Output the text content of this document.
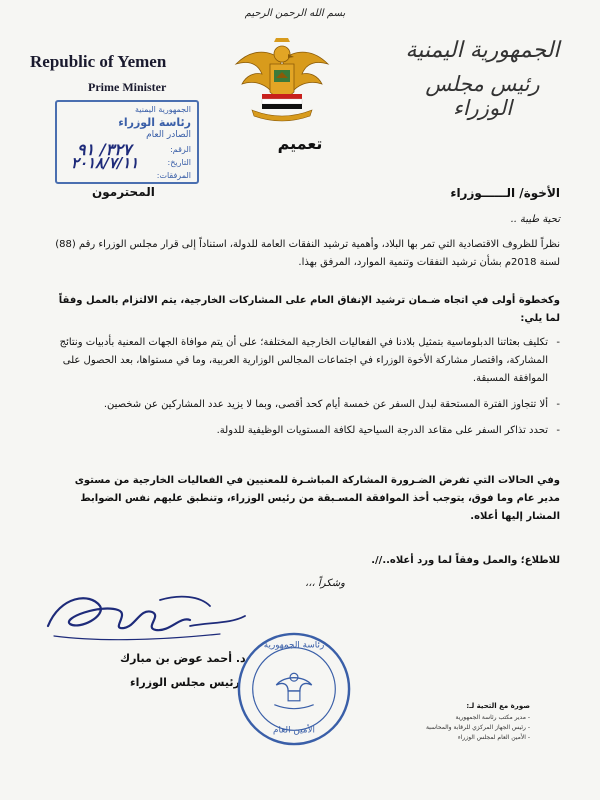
بسم الله الرحمن الرحيم
Republic of Yemen
Prime Minister
الجمهورية اليمنية
رئيس مجلس الوزراء
الجمهورية اليمنية
رئاسة الوزراء
الصادر العام
الرقم:
التاريخ:
المرفقات:
٣٢٧/ ٩١
٢٠١٨/٧/١١
المحترمون
تعميم
الأخوة/ الــــــوزراء
تحية طيبة ..
نظراً للظروف الاقتصادية التي تمر بها البلاد، وأهمية ترشيد النفقات العامة للدولة، استناداً إلى قرار مجلس الوزراء رقم (88) لسنة 2018م بشأن ترشيد النفقات وتنمية الموارد، المرفق بهذا.
وكخطوة أولى في اتجاه ضـمان ترشيد الإنفاق العام على المشاركات الخارجية، يتم الالتزام بالعمل وفقاً لما يلي:
- تكليف بعثاتنا الدبلوماسية بتمثيل بلادنا في الفعاليات الخارجية المختلفة؛ على أن يتم موافاة الجهات المعنية بأدبيات ونتائج المشاركة، واقتصار مشاركة الأخوة الوزراء في اجتماعات المجالس الوزارية العربية، وما في مستواها، بعد الحصول على الموافقة المسبقة.
- ألا تتجاوز الفترة المستحقة لبدل السفر عن خمسة أيام كحد أقصى، وبما لا يزيد عدد المشاركين عن شخصين.
- تحدد تذاكر السفر على مقاعد الدرجة السياحية لكافة المستويات الوظيفية للدولة.
وفي الحالات التي تفرض الضـرورة المشاركة المباشـرة للمعنيين في الفعاليات الخارجية من مستوى مدير عام وما فوق، يتوجب أخذ الموافقة المسـبقة من رئيس الوزراء، وتنطبق عليهم نفس الضوابط المشار إليها أعلاه.
للاطلاع؛ والعمل وفقاً لما ورد أعلاه..//.
وشكراً ،،،
د. أحمد عوض بن مبارك
رئيس مجلس الوزراء
رئاسة الجمهورية
الأمين العام
صورة مع التحية لـ:
- مدير مكتب رئاسة الجمهورية
- رئيس الجهاز المركزي للرقابة والمحاسبة
- الأمين العام لمجلس الوزراء
